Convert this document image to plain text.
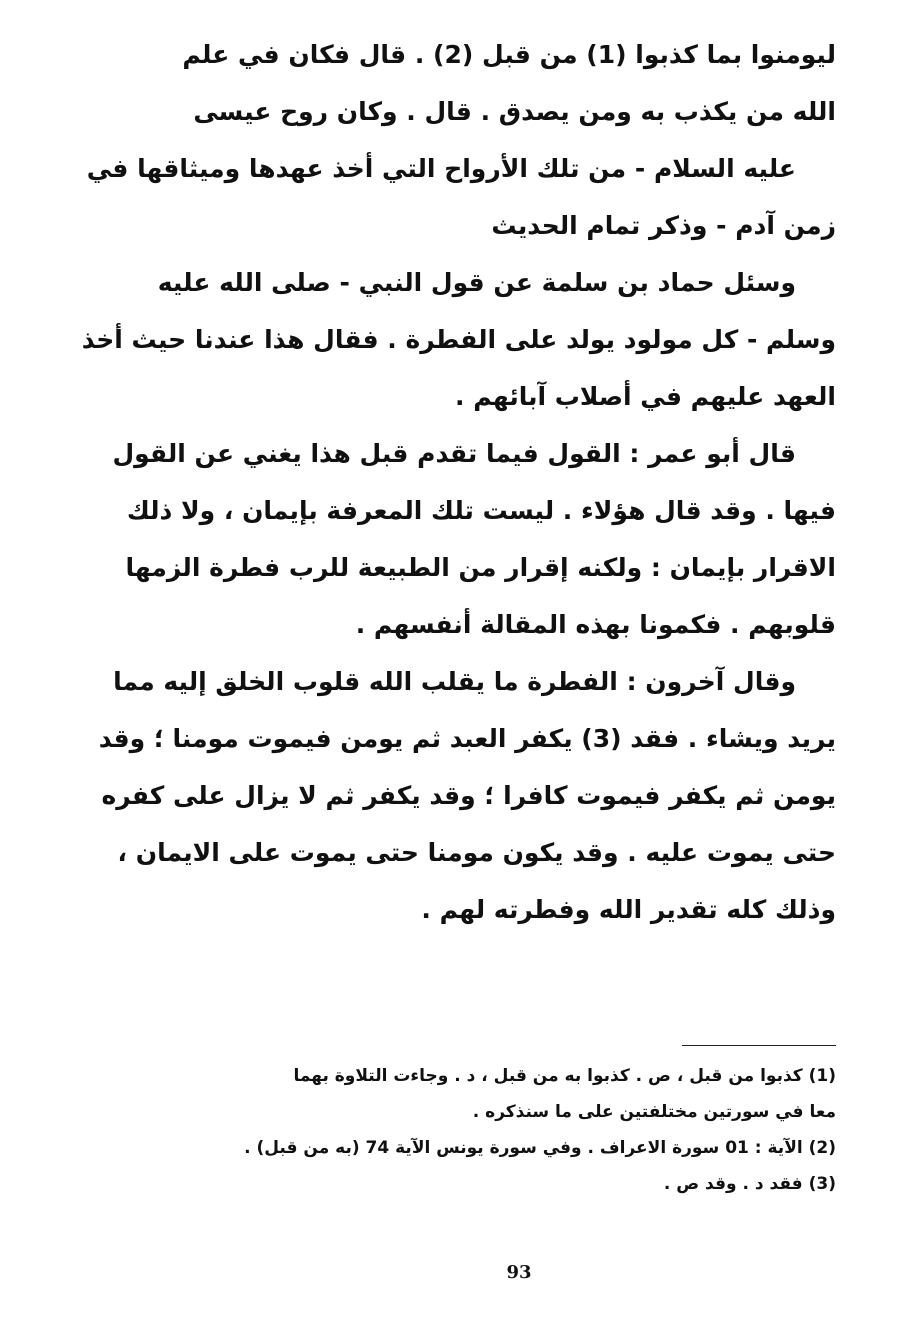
ليومنوا بما كذبوا (1) من قبل (2) . قال فكان في علم
الله من يكذب به ومن يصدق . قال . وكان روح عيسى
عليه السلام - من تلك الأرواح التي أخذ عهدها وميثاقها في
زمن آدم - وذكر تمام الحديث
وسئل حماد بن سلمة عن قول النبي - صلى الله عليه
وسلم - كل مولود يولد على الفطرة . فقال هذا عندنا حيث أخذ
العهد عليهم في أصلاب آبائهم .
قال أبو عمر : القول فيما تقدم قبل هذا يغني عن القول
فيها . وقد قال هؤلاء . ليست تلك المعرفة بإيمان ، ولا ذلك
الاقرار بإيمان : ولكنه إقرار من الطبيعة للرب فطرة الزمها
قلوبهم . فكمونا بهذه المقالة أنفسهم .
وقال آخرون : الفطرة ما يقلب الله قلوب الخلق إليه مما
يريد ويشاء . فقد (3) يكفر العبد ثم يومن فيموت مومنا ؛ وقد
يومن ثم يكفر فيموت كافرا ؛ وقد يكفر ثم لا يزال على كفره
حتى يموت عليه . وقد يكون مومنا حتى يموت على الايمان ،
وذلك كله تقدير الله وفطرته لهم .
(1) كذبوا من قبل ، ص . كذبوا به من قبل ، د . وجاءت التلاوة بهما
معا في سورتين مختلفتين على ما سنذكره .
(2) الآية : 01 سورة الاعراف . وفي سورة يونس الآية 74 (به من قبل) .
(3) فقد د . وقد ص .
93
